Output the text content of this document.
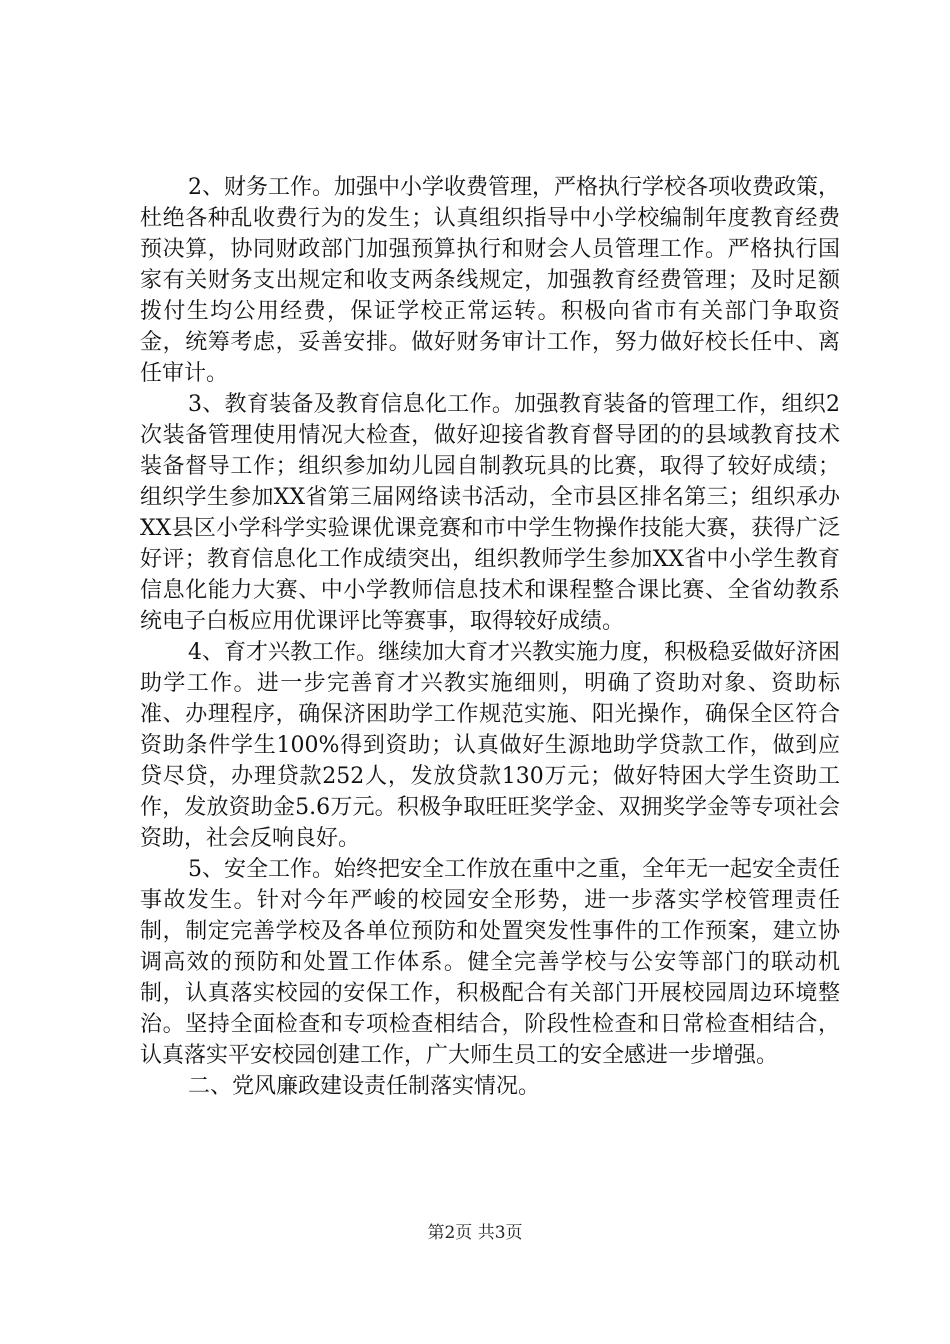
2、财务工作。加强中小学收费管理，严格执行学校各项收费政策，杜绝各种乱收费行为的发生；认真组织指导中小学校编制年度教育经费预决算，协同财政部门加强预算执行和财会人员管理工作。严格执行国家有关财务支出规定和收支两条线规定，加强教育经费管理；及时足额拨付生均公用经费，保证学校正常运转。积极向省市有关部门争取资金，统筹考虑，妥善安排。做好财务审计工作，努力做好校长任中、离任审计。

3、教育装备及教育信息化工作。加强教育装备的管理工作，组织2次装备管理使用情况大检查，做好迎接省教育督导团的的县域教育技术装备督导工作；组织参加幼儿园自制教玩具的比赛，取得了较好成绩；组织学生参加XX省第三届网络读书活动，全市县区排名第三；组织承办XX县区小学科学实验课优课竞赛和市中学生物操作技能大赛，获得广泛好评；教育信息化工作成绩突出，组织教师学生参加XX省中小学生教育信息化能力大赛、中小学教师信息技术和课程整合课比赛、全省幼教系统电子白板应用优课评比等赛事，取得较好成绩。

4、育才兴教工作。继续加大育才兴教实施力度，积极稳妥做好济困助学工作。进一步完善育才兴教实施细则，明确了资助对象、资助标准、办理程序，确保济困助学工作规范实施、阳光操作，确保全区符合资助条件学生100%得到资助；认真做好生源地助学贷款工作，做到应贷尽贷，办理贷款252人，发放贷款130万元；做好特困大学生资助工作，发放资助金5.6万元。积极争取旺旺奖学金、双拥奖学金等专项社会资助，社会反响良好。

5、安全工作。始终把安全工作放在重中之重，全年无一起安全责任事故发生。针对今年严峻的校园安全形势，进一步落实学校管理责任制，制定完善学校及各单位预防和处置突发性事件的工作预案，建立协调高效的预防和处置工作体系。健全完善学校与公安等部门的联动机制，认真落实校园的安保工作，积极配合有关部门开展校园周边环境整治。坚持全面检查和专项检查相结合，阶段性检查和日常检查相结合，认真落实平安校园创建工作，广大师生员工的安全感进一步增强。

二、党风廉政建设责任制落实情况。

第2页 共3页
